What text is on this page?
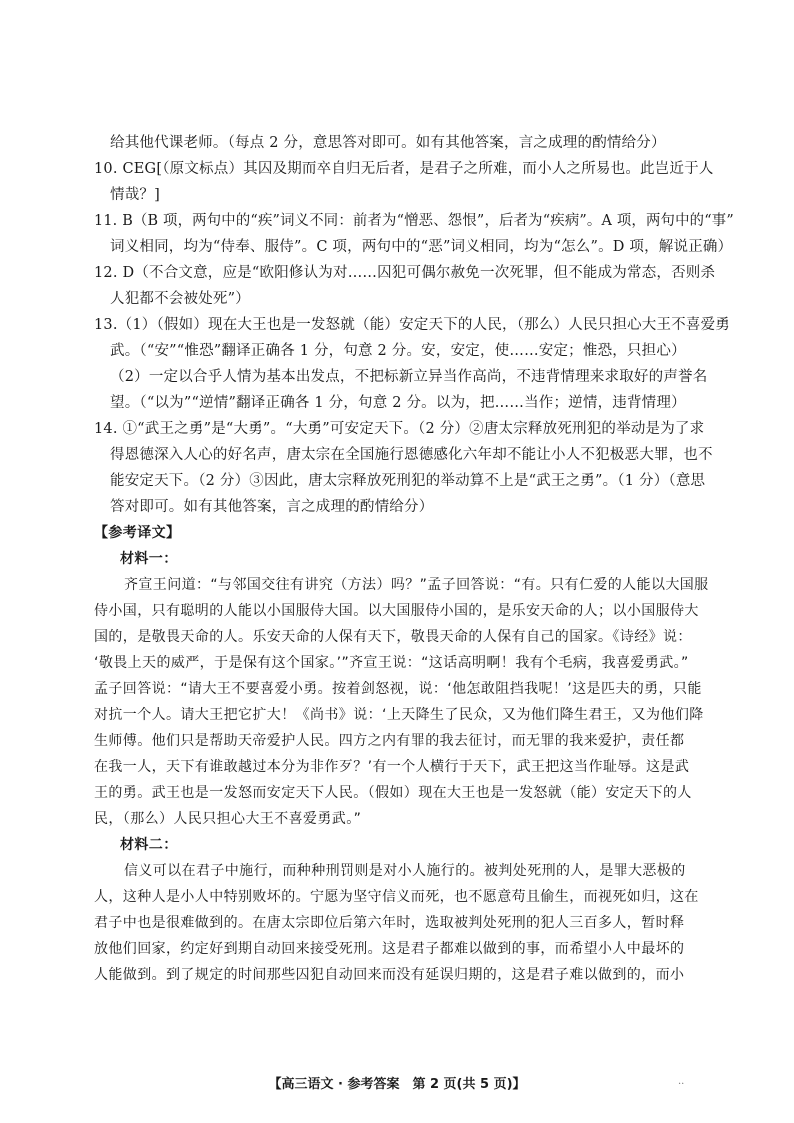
给其他代课老师。（每点 2 分，意思答对即可。如有其他答案，言之成理的酌情给分）
10. CEG[（原文标点）其囚及期而卒自归无后者，是君子之所难，而小人之所易也。此岂近于人
情哉？]
11. B（B 项，两句中的“疾”词义不同：前者为“憎恶、怨恨”，后者为“疾病”。A 项，两句中的“事”
词义相同，均为“侍奉、服侍”。C 项，两句中的“恶”词义相同，均为“怎么”。D 项，解说正确）
12. D（不合文意，应是“欧阳修认为对……囚犯可偶尔赦免一次死罪，但不能成为常态，否则杀
人犯都不会被处死”）
13.（1）（假如）现在大王也是一发怒就（能）安定天下的人民，（那么）人民只担心大王不喜爱勇
武。（“安”“惟恐”翻译正确各 1 分，句意 2 分。安，安定，使……安定；惟恐，只担心）
（2）一定以合乎人情为基本出发点，不把标新立异当作高尚，不违背情理来求取好的声誉名
望。（“以为”“逆情”翻译正确各 1 分，句意 2 分。以为，把……当作；逆情，违背情理）
14. ①“武王之勇”是“大勇”。“大勇”可安定天下。（2 分）②唐太宗释放死刑犯的举动是为了求
得恩德深入人心的好名声，唐太宗在全国施行恩德感化六年却不能让小人不犯极恶大罪，也不
能安定天下。（2 分）③因此，唐太宗释放死刑犯的举动算不上是“武王之勇”。（1 分）（意思
答对即可。如有其他答案，言之成理的酌情给分）
【参考译文】
材料一：
齐宣王问道：“与邻国交往有讲究（方法）吗？”孟子回答说：“有。只有仁爱的人能以大国服
侍小国，只有聪明的人能以小国服侍大国。以大国服侍小国的，是乐安天命的人；以小国服侍大
国的，是敬畏天命的人。乐安天命的人保有天下，敬畏天命的人保有自己的国家。《诗经》说：
‘敬畏上天的威严，于是保有这个国家。’”齐宣王说：“这话高明啊！我有个毛病，我喜爱勇武。”
孟子回答说：“请大王不要喜爱小勇。按着剑怒视，说：‘他怎敢阻挡我呢！’这是匹夫的勇，只能
对抗一个人。请大王把它扩大！《尚书》说：‘上天降生了民众，又为他们降生君王，又为他们降
生师傅。他们只是帮助天帝爱护人民。四方之内有罪的我去征讨，而无罪的我来爱护，责任都
在我一人，天下有谁敢越过本分为非作歹？’有一个人横行于天下，武王把这当作耻辱。这是武
王的勇。武王也是一发怒而安定天下人民。（假如）现在大王也是一发怒就（能）安定天下的人
民，（那么）人民只担心大王不喜爱勇武。”
材料二：
信义可以在君子中施行，而种种刑罚则是对小人施行的。被判处死刑的人，是罪大恶极的
人，这种人是小人中特别败坏的。宁愿为坚守信义而死，也不愿意苟且偷生，而视死如归，这在
君子中也是很难做到的。在唐太宗即位后第六年时，选取被判处死刑的犯人三百多人，暂时释
放他们回家，约定好到期自动回来接受死刑。这是君子都难以做到的事，而希望小人中最坏的
人能做到。到了规定的时间那些囚犯自动回来而没有延误归期的，这是君子难以做到的，而小
【高三语文 · 参考答案　第 2 页(共 5 页)】	..
